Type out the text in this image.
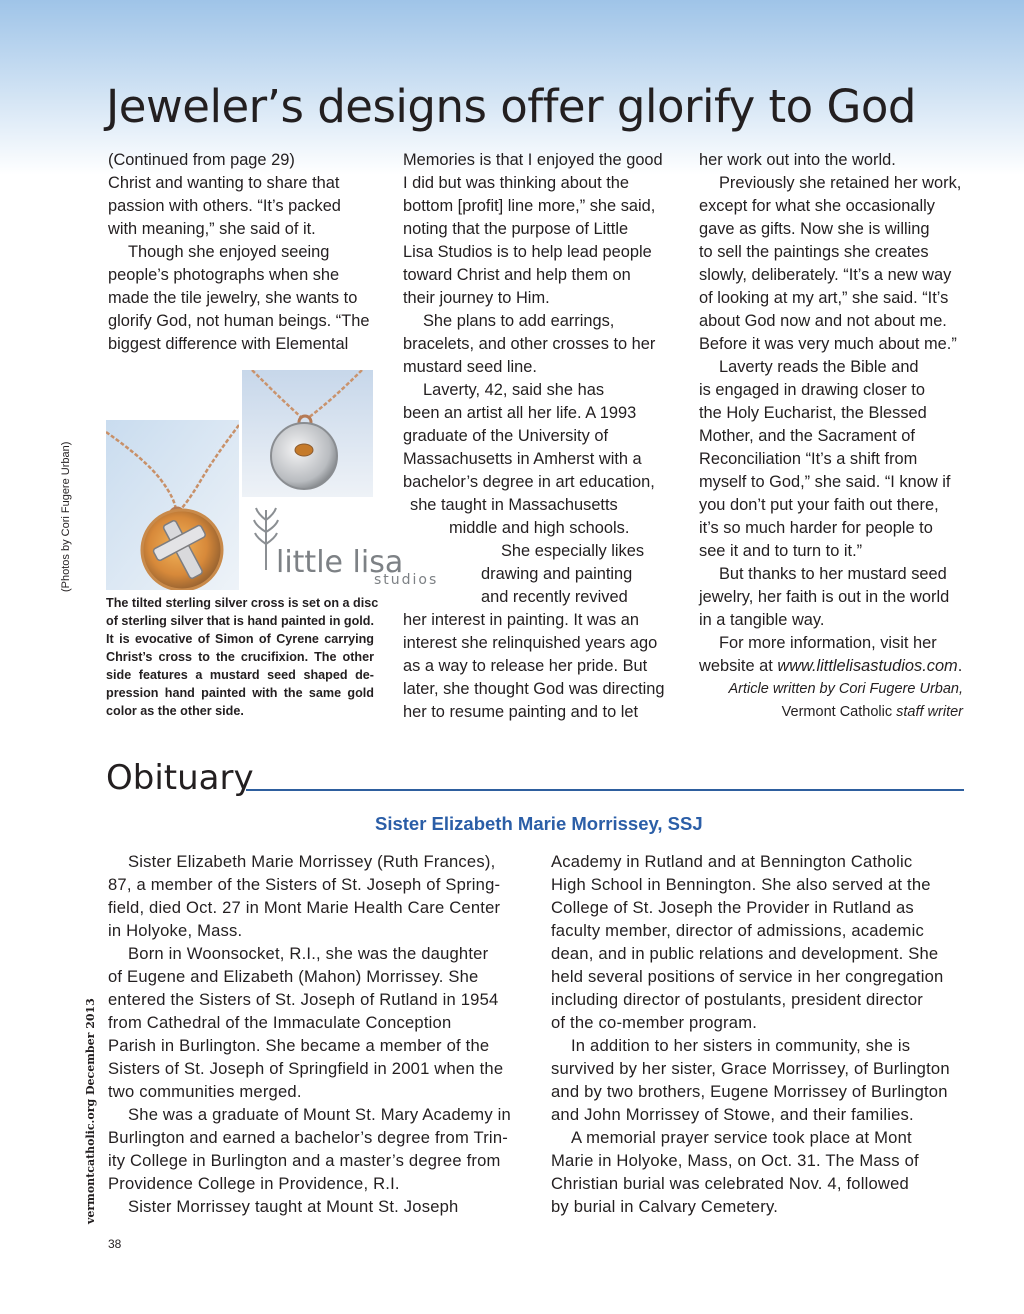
Jeweler’s designs offer glorify to God
(Continued from page 29)
Christ and wanting to share that
passion with others. “It’s packed
with meaning,” she said of it.
Though she enjoyed seeing
people’s photographs when she
made the tile jewelry, she wants to
glorify God, not human beings. “The
biggest difference with Elemental
(Photos by Cori Fugere Urban)	little lisa
studios
The tilted sterling silver cross is set on a disc
of sterling silver that is hand painted in gold.
It is evocative of Simon of Cyrene carrying
Christ’s cross to the crucifixion. The other
side features a mustard seed shaped de-
pression hand painted with the same gold
color as the other side.
Memories is that I enjoyed the good
I did but was thinking about the
bottom [profit] line more,” she said,
noting that the purpose of Little
Lisa Studios is to help lead people
toward Christ and help them on
their journey to Him.
She plans to add earrings,
bracelets, and other crosses to her
mustard seed line.
Laverty, 42, said she has
been an artist all her life. A 1993
graduate of the University of
Massachusetts in Amherst with a
bachelor’s degree in art education,
she taught in Massachusetts
middle and high schools.
She especially likes
drawing and painting
and recently revived
her interest in painting. It was an
interest she relinquished years ago
as a way to release her pride. But
later, she thought God was directing
her to resume painting and to let
her work out into the world.
Previously she retained her work,
except for what she occasionally
gave as gifts. Now she is willing
to sell the paintings she creates
slowly, deliberately. “It’s a new way
of looking at my art,” she said. “It’s
about God now and not about me.
Before it was very much about me.”
Laverty reads the Bible and
is engaged in drawing closer to
the Holy Eucharist, the Blessed
Mother, and the Sacrament of
Reconciliation “It’s a shift from
myself to God,” she said. “I know if
you don’t put your faith out there,
it’s so much harder for people to
see it and to turn to it.”
But thanks to her mustard seed
jewelry, her faith is out in the world
in a tangible way.
For more information, visit her
website at www.littlelisastudios.com.
Article written by Cori Fugere Urban,
Vermont Catholic staff writer
Obituary
Sister Elizabeth Marie Morrissey, SSJ
Sister Elizabeth Marie Morrissey (Ruth Frances),
87, a member of the Sisters of St. Joseph of Spring-
field, died Oct. 27 in Mont Marie Health Care Center
in Holyoke, Mass.
Born in Woonsocket, R.I., she was the daughter
of Eugene and Elizabeth (Mahon) Morrissey. She
entered the Sisters of St. Joseph of Rutland in 1954
from Cathedral of the Immaculate Conception
Parish in Burlington. She became a member of the
Sisters of St. Joseph of Springfield in 2001 when the
two communities merged.
She was a graduate of Mount St. Mary Academy in
Burlington and earned a bachelor’s degree from Trin-
ity College in Burlington and a master’s degree from
Providence College in Providence, R.I.
Sister Morrissey taught at Mount St. Joseph
Academy in Rutland and at Bennington Catholic
High School in Bennington. She also served at the
College of St. Joseph the Provider in Rutland as
faculty member, director of admissions, academic
dean, and in public relations and development. She
held several positions of service in her congregation
including director of postulants, president director
of the co-member program.
In addition to her sisters in community, she is
survived by her sister, Grace Morrissey, of Burlington
and by two brothers, Eugene Morrissey of Burlington
and John Morrissey of Stowe, and their families.
A memorial prayer service took place at Mont
Marie in Holyoke, Mass, on Oct. 31. The Mass of
Christian burial was celebrated Nov. 4, followed
by burial in Calvary Cemetery.
vermontcatholic.org December 2013
38
